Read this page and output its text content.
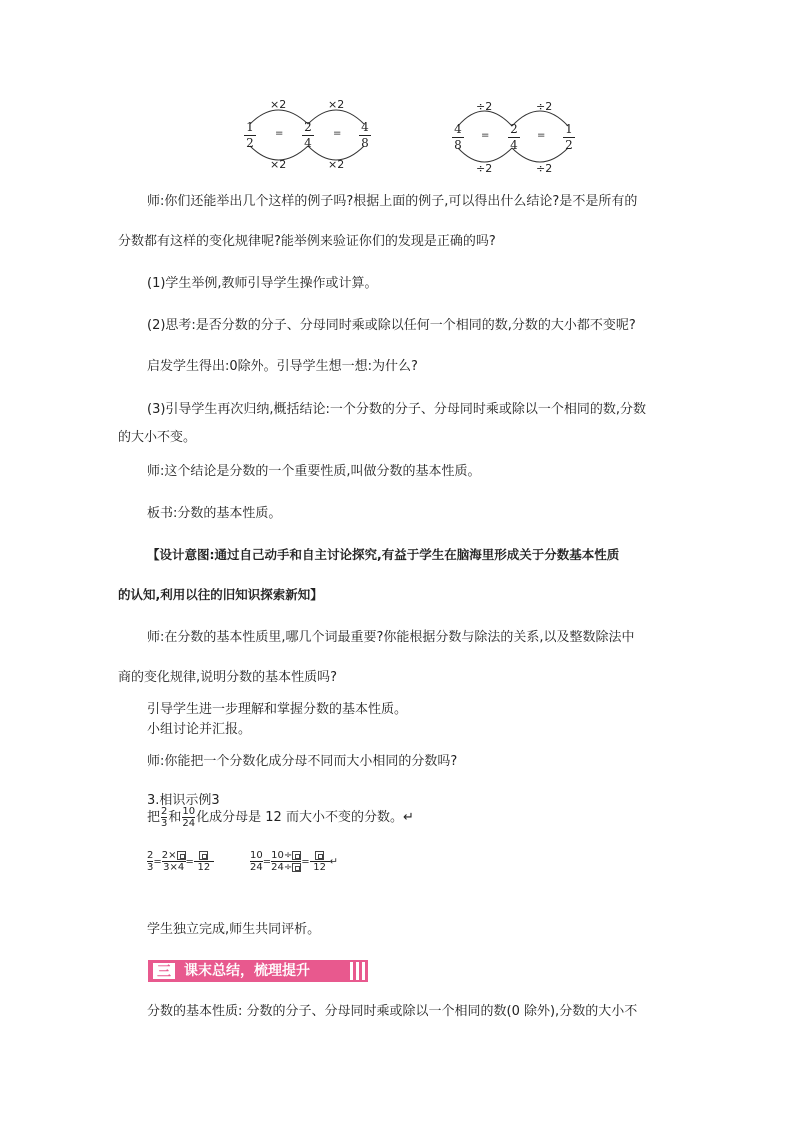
×2	×2
×2	×2
1
2
= 2
4
= 4
8
÷2	÷2
÷2	÷2
4
8
= 2
4
= 1
2
师:你们还能举出几个这样的例子吗?根据上面的例子,可以得出什么结论?是不是所有的
分数都有这样的变化规律呢?能举例来验证你们的发现是正确的吗?
(1)学生举例,教师引导学生操作或计算。
(2)思考:是否分数的分子、分母同时乘或除以任何一个相同的数,分数的大小都不变呢?
启发学生得出:0除外。引导学生想一想:为什么?
(3)引导学生再次归纳,概括结论:一个分数的分子、分母同时乘或除以一个相同的数,分数
的大小不变。
师:这个结论是分数的一个重要性质,叫做分数的基本性质。
板书:分数的基本性质。
【设计意图:通过自己动手和自主讨论探究,有益于学生在脑海里形成关于分数基本性质
的认知,利用以往的旧知识探索新知】
师:在分数的基本性质里,哪几个词最重要?你能根据分数与除法的关系,以及整数除法中
商的变化规律,说明分数的基本性质吗?
引导学生进一步理解和掌握分数的基本性质。
小组讨论并汇报。
师:你能把一个分数化成分母不同而大小相同的分数吗?
3.相识示例3
把$\frac{2}{3}$和$\frac{10}{24}$化成分母是 12 而大小不变的分数。↵
$\frac{2}{3}=\frac{2\times}{3\times 4}= 12$	$\frac{10}{24}=\frac{10\div}{24\div}= 12$ ↵
学生独立完成,师生共同评析。
三 课末总结，梳理提升
分数的基本性质: 分数的分子、分母同时乘或除以一个相同的数(0 除外),分数的大小不
